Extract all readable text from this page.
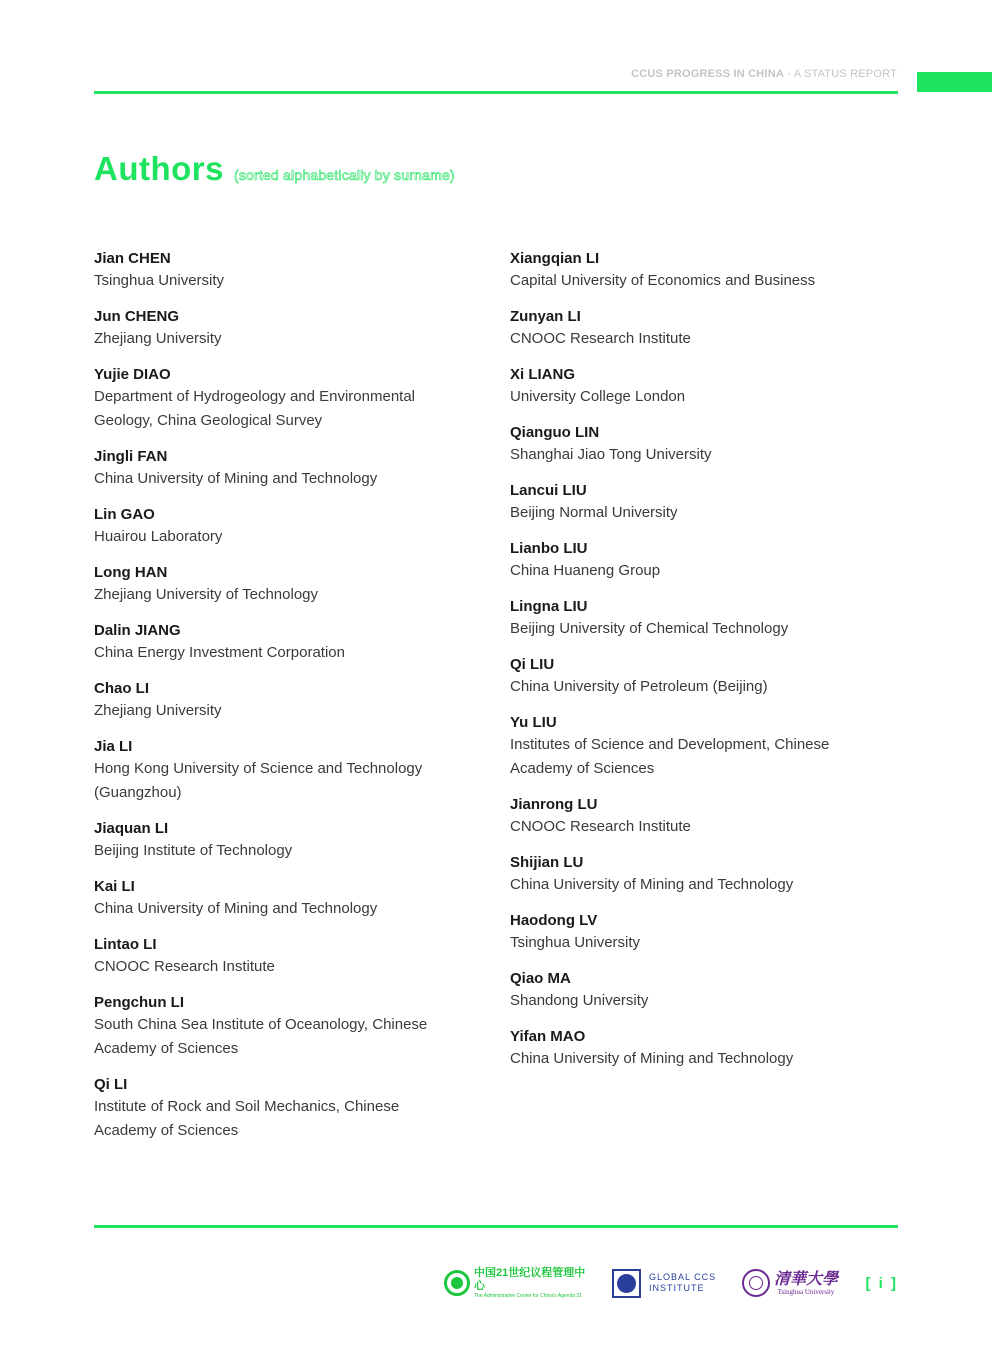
CCUS PROGRESS IN CHINA - A STATUS REPORT
Authors (sorted alphabetically by surname)
Jian CHEN
Tsinghua University
Jun CHENG
Zhejiang University
Yujie DIAO
Department of Hydrogeology and Environmental
Geology, China Geological Survey
Jingli FAN
China University of Mining and Technology
Lin GAO
Huairou Laboratory
Long HAN
Zhejiang University of Technology
Dalin JIANG
China Energy Investment Corporation
Chao LI
Zhejiang University
Jia LI
Hong Kong University of Science and Technology
(Guangzhou)
Jiaquan LI
Beijing Institute of Technology
Kai LI
China University of Mining and Technology
Lintao LI
CNOOC Research Institute
Pengchun LI
South China Sea Institute of Oceanology, Chinese
Academy of Sciences
Qi LI
Institute of Rock and Soil Mechanics, Chinese
Academy of Sciences
Xiangqian LI
Capital University of Economics and Business
Zunyan LI
CNOOC Research Institute
Xi LIANG
University College London
Qianguo LIN
Shanghai Jiao Tong University
Lancui LIU
Beijing Normal University
Lianbo LIU
China Huaneng Group
Lingna LIU
Beijing University of Chemical Technology
Qi LIU
China University of Petroleum (Beijing)
Yu LIU
Institutes of Science and Development, Chinese
Academy of Sciences
Jianrong LU
CNOOC Research Institute
Shijian LU
China University of Mining and Technology
Haodong LV
Tsinghua University
Qiao MA
Shandong University
Yifan MAO
China University of Mining and Technology
中国21世纪议程管理中心
The Administrative Center for China's Agenda 21
GLOBAL CCS
INSTITUTE
清華大學
Tsinghua University [ i ]
